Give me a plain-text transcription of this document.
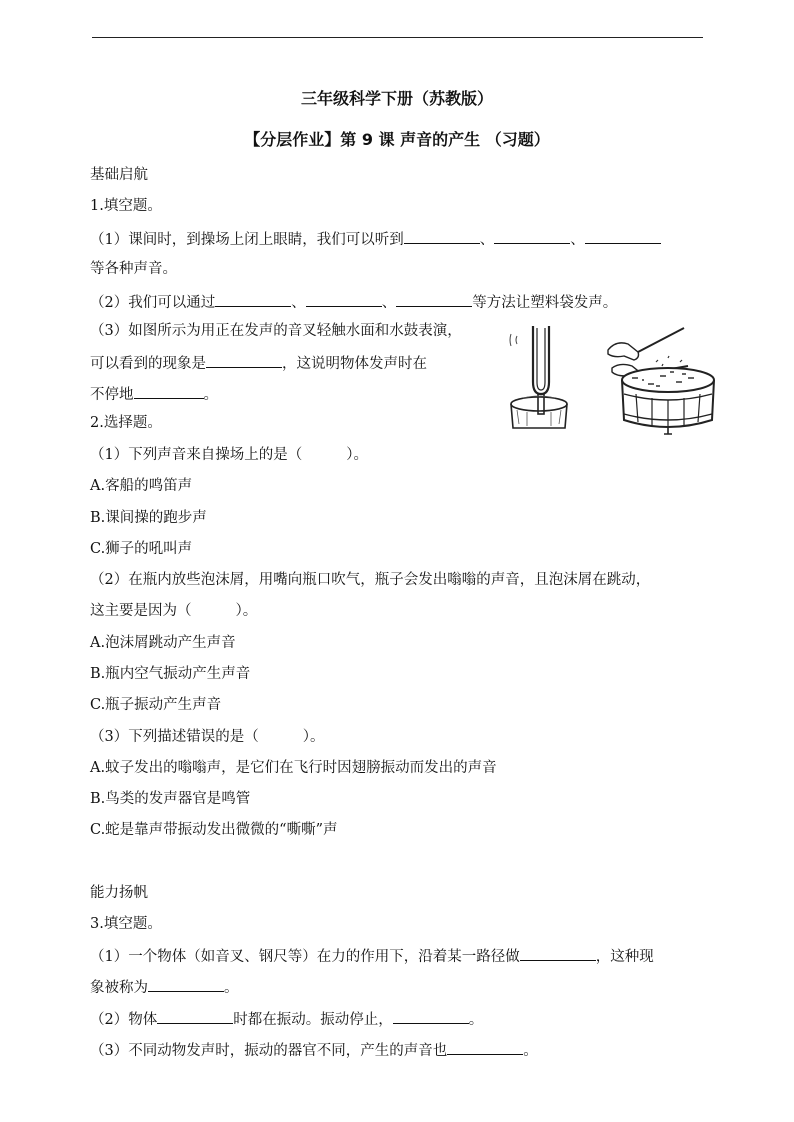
三年级科学下册（苏教版）
【分层作业】第 9 课 声音的产生 （习题）
基础启航
1.填空题。
（1）课间时，到操场上闭上眼睛，我们可以听到	、	、
等各种声音。
（2）我们可以通过	、	、	等方法让塑料袋发声。
（3）如图所示为用正在发声的音叉轻触水面和水鼓表演，
可以看到的现象是	，这说明物体发声时在
不停地	。
2.选择题。
（1）下列声音来自操场上的是（	）。
A.客船的鸣笛声
B.课间操的跑步声
C.狮子的吼叫声
（2）在瓶内放些泡沫屑，用嘴向瓶口吹气，瓶子会发出嗡嗡的声音，且泡沫屑在跳动，
这主要是因为（	）。
A.泡沫屑跳动产生声音
B.瓶内空气振动产生声音
C.瓶子振动产生声音
（3）下列描述错误的是（	）。
A.蚊子发出的嗡嗡声，是它们在飞行时因翅膀振动而发出的声音
B.鸟类的发声器官是鸣管
C.蛇是靠声带振动发出微微的“嘶嘶”声
能力扬帆
3.填空题。
（1）一个物体（如音叉、钢尺等）在力的作用下，沿着某一路径做	，这种现
象被称为	。
（2）物体	时都在振动。振动停止，	。
（3）不同动物发声时，振动的器官不同，产生的声音也	。
